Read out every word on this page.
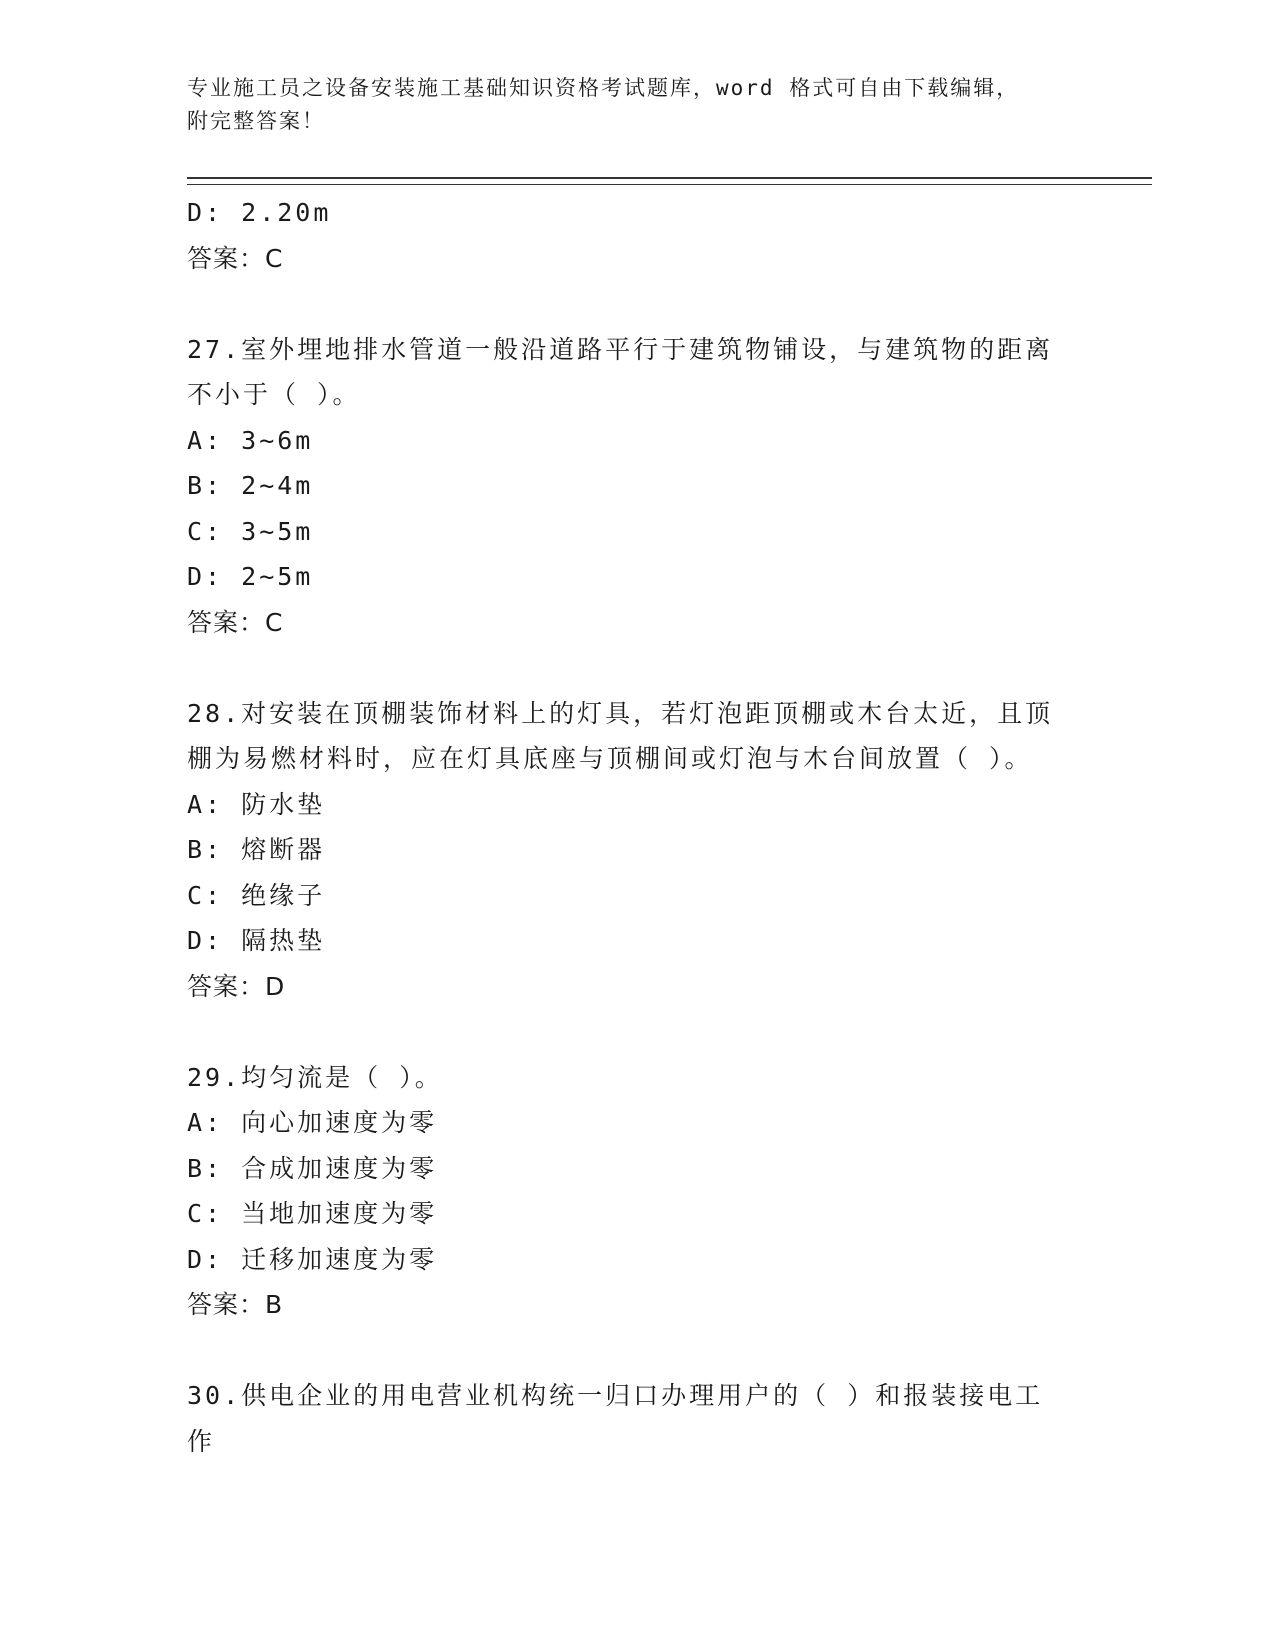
专业施工员之设备安装施工基础知识资格考试题库，word 格式可自由下载编辑，
附完整答案！
D: 2.20m
答案：C
27.室外埋地排水管道一般沿道路平行于建筑物铺设，与建筑物的距离
不小于（ ）。
A: 3~6m
B: 2~4m
C: 3~5m
D: 2~5m
答案：C
28.对安装在顶棚装饰材料上的灯具，若灯泡距顶棚或木台太近，且顶
棚为易燃材料时，应在灯具底座与顶棚间或灯泡与木台间放置（ ）。
A: 防水垫
B: 熔断器
C: 绝缘子
D: 隔热垫
答案：D
29.均匀流是（ ）。
A: 向心加速度为零
B: 合成加速度为零
C: 当地加速度为零
D: 迁移加速度为零
答案：B
30.供电企业的用电营业机构统一归口办理用户的（ ）和报装接电工
作
